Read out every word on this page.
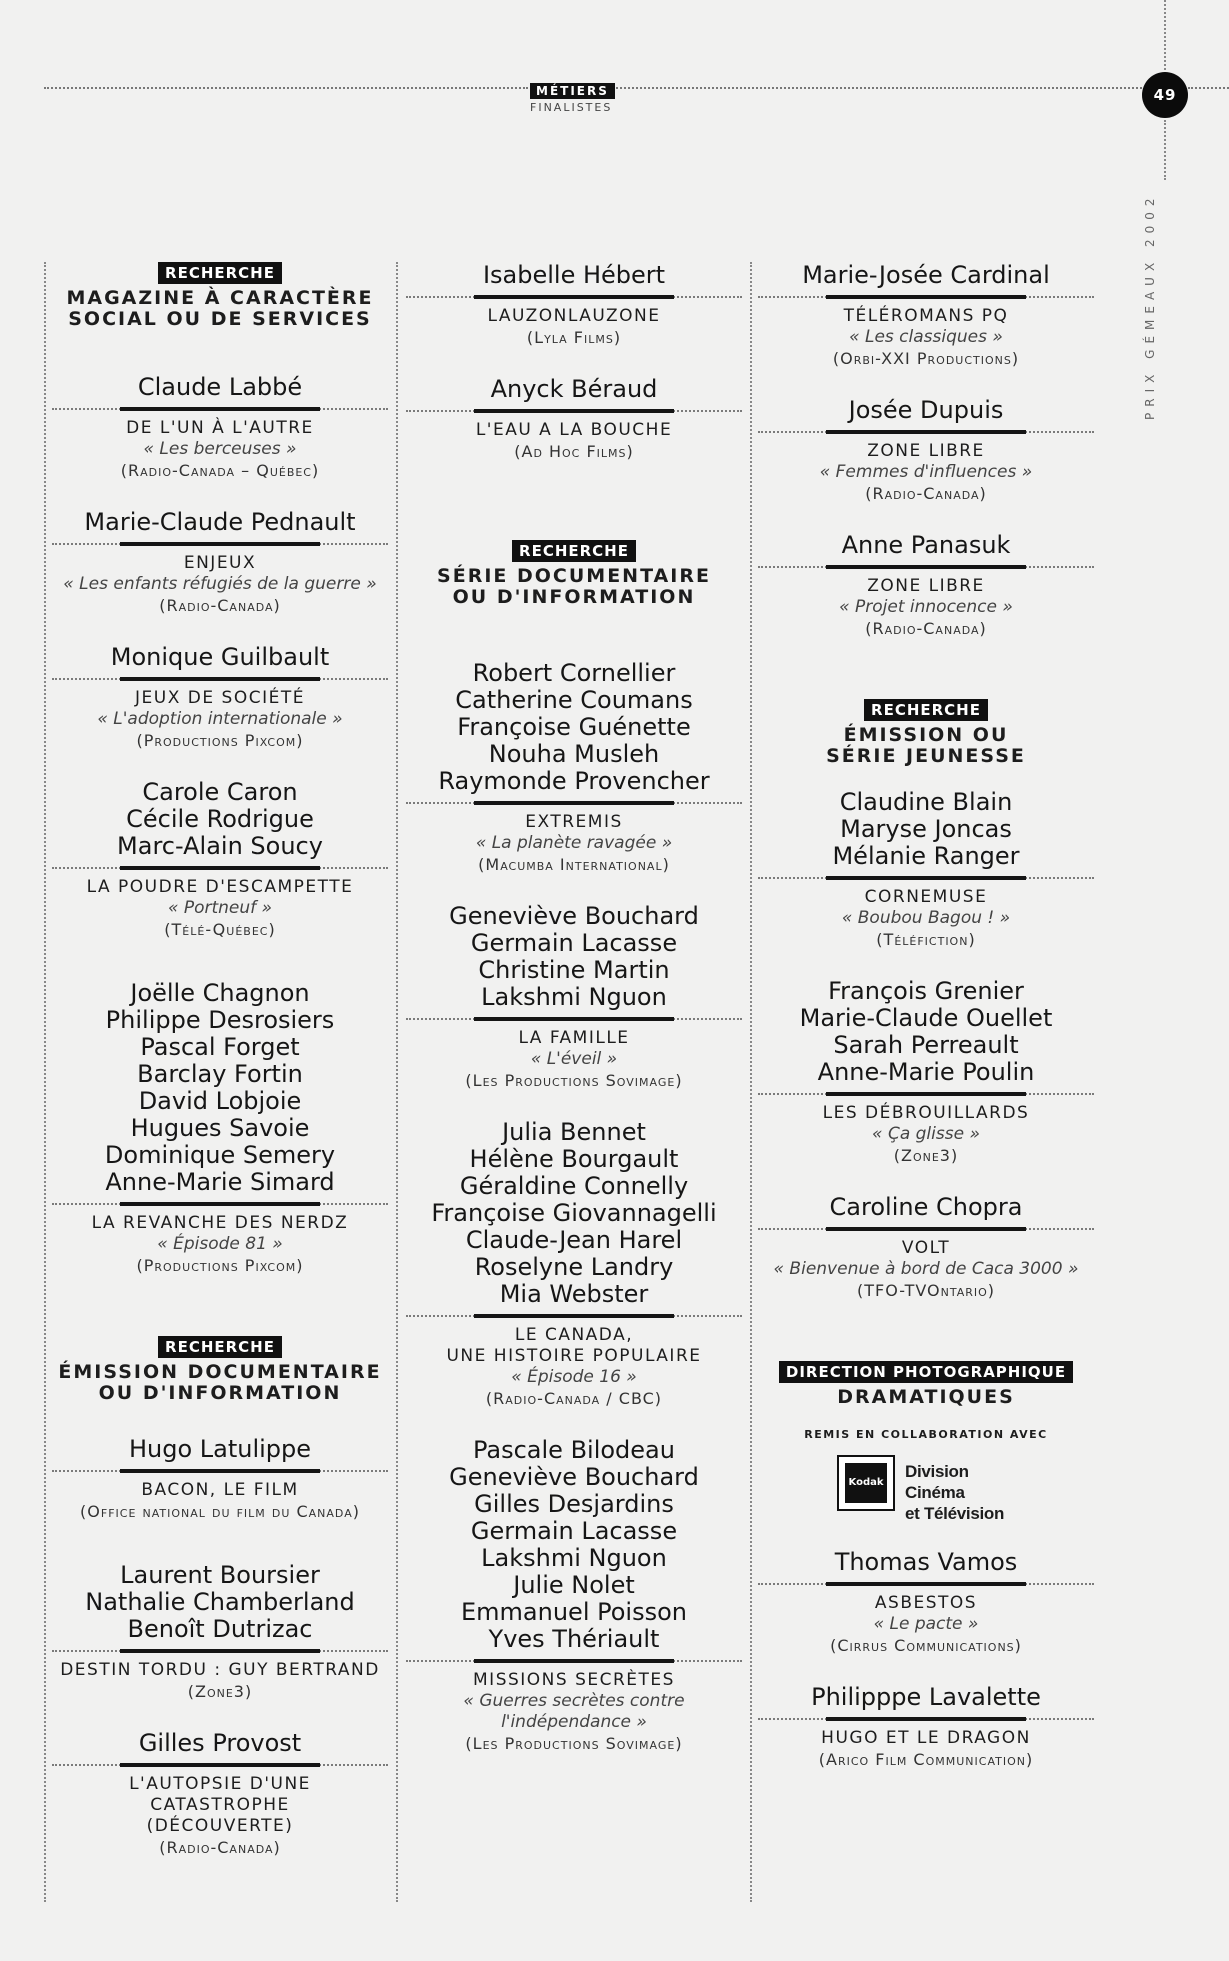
MÉTIERS
FINALISTES
49
PRIX GÉMEAUX 2002
RECHERCHE
MAGAZINE À CARACTÈRE
SOCIAL OU DE SERVICES
Claude Labbé
DE L'UN À L'AUTRE
« Les berceuses »
(Radio-Canada – Québec)
Marie-Claude Pednault
ENJEUX
« Les enfants réfugiés de la guerre »
(Radio-Canada)
Monique Guilbault
JEUX DE SOCIÉTÉ
« L'adoption internationale »
(Productions Pixcom)
Carole Caron
Cécile Rodrigue
Marc-Alain Soucy
LA POUDRE D'ESCAMPETTE
« Portneuf »
(Télé-Québec)
Joëlle Chagnon
Philippe Desrosiers
Pascal Forget
Barclay Fortin
David Lobjoie
Hugues Savoie
Dominique Semery
Anne-Marie Simard
LA REVANCHE DES NERDZ
« Épisode 81 »
(Productions Pixcom)
RECHERCHE
ÉMISSION DOCUMENTAIRE
OU D'INFORMATION
Hugo Latulippe
BACON, LE FILM
(Office national du film du Canada)
Laurent Boursier
Nathalie Chamberland
Benoît Dutrizac
DESTIN TORDU : GUY BERTRAND
(Zone3)
Gilles Provost
L'AUTOPSIE D'UNE
CATASTROPHE
(DÉCOUVERTE)
(Radio-Canada)
Isabelle Hébert
LAUZONLAUZONE
(Lyla Films)
Anyck Béraud
L'EAU A LA BOUCHE
(Ad Hoc Films)
RECHERCHE
SÉRIE DOCUMENTAIRE
OU D'INFORMATION
Robert Cornellier
Catherine Coumans
Françoise Guénette
Nouha Musleh
Raymonde Provencher
EXTREMIS
« La planète ravagée »
(Macumba International)
Geneviève Bouchard
Germain Lacasse
Christine Martin
Lakshmi Nguon
LA FAMILLE
« L'éveil »
(Les Productions Sovimage)
Julia Bennet
Hélène Bourgault
Géraldine Connelly
Françoise Giovannagelli
Claude-Jean Harel
Roselyne Landry
Mia Webster
LE CANADA,
UNE HISTOIRE POPULAIRE
« Épisode 16 »
(Radio-Canada / CBC)
Pascale Bilodeau
Geneviève Bouchard
Gilles Desjardins
Germain Lacasse
Lakshmi Nguon
Julie Nolet
Emmanuel Poisson
Yves Thériault
MISSIONS SECRÈTES
« Guerres secrètes contre
l'indépendance »
(Les Productions Sovimage)
Marie-Josée Cardinal
TÉLÉROMANS PQ
« Les classiques »
(Orbi-XXI Productions)
Josée Dupuis
ZONE LIBRE
« Femmes d'influences »
(Radio-Canada)
Anne Panasuk
ZONE LIBRE
« Projet innocence »
(Radio-Canada)
RECHERCHE
ÉMISSION OU
SÉRIE JEUNESSE
Claudine Blain
Maryse Joncas
Mélanie Ranger
CORNEMUSE
« Boubou Bagou ! »
(Téléfiction)
François Grenier
Marie-Claude Ouellet
Sarah Perreault
Anne-Marie Poulin
LES DÉBROUILLARDS
« Ça glisse »
(Zone3)
Caroline Chopra
VOLT
« Bienvenue à bord de Caca 3000 »
(TFO-TVOntario)
DIRECTION PHOTOGRAPHIQUE
DRAMATIQUES
REMIS EN COLLABORATION AVEC
Kodak
Division Cinéma
et Télévision
Thomas Vamos
ASBESTOS
« Le pacte »
(Cirrus Communications)
Philipppe Lavalette
HUGO ET LE DRAGON
(Arico Film Communication)
